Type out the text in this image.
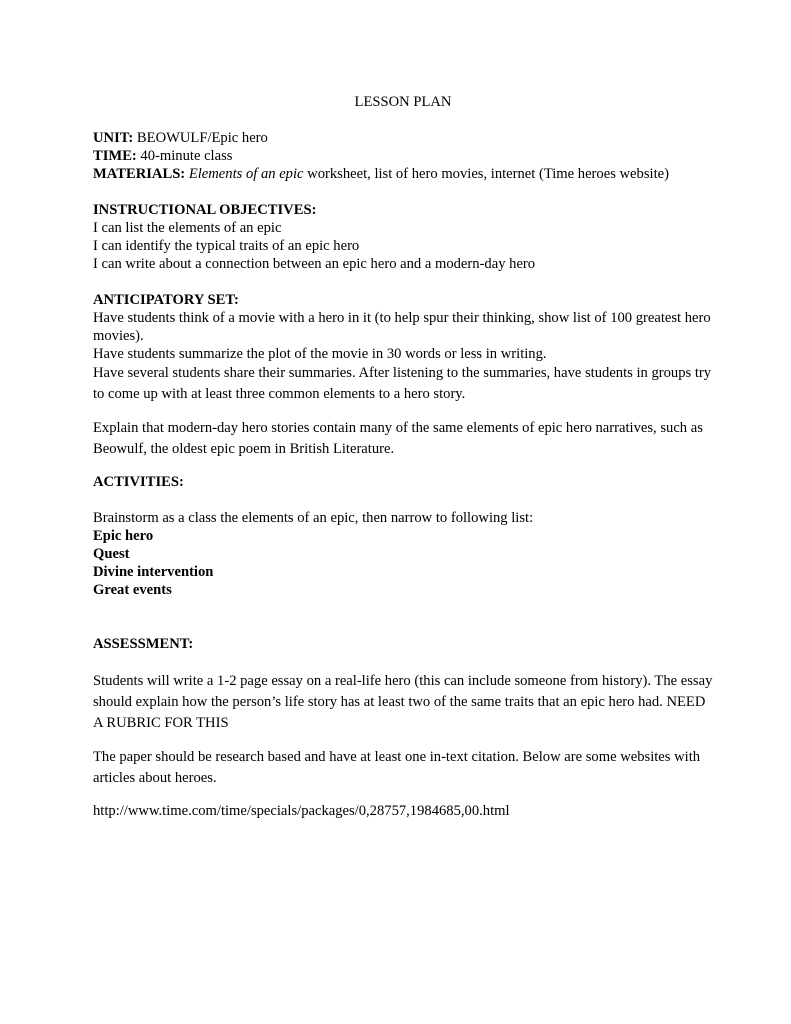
LESSON PLAN

UNIT: BEOWULF/Epic hero

TIME: 40-minute class

MATERIALS: Elements of an epic worksheet, list of hero movies, internet (Time heroes website)

INSTRUCTIONAL OBJECTIVES:

I can list the elements of an epic

I can identify the typical traits of an epic hero

I can write about a connection between an epic hero and a modern-day hero

ANTICIPATORY SET:

Have students think of a movie with a hero in it (to help spur their thinking, show list of 100 greatest hero movies).

Have students summarize the plot of the movie in 30 words or less in writing.

Have several students share their summaries. After listening to the summaries, have students in groups try to come up with at least three common elements to a hero story.

Explain that modern-day hero stories contain many of the same elements of epic hero narratives, such as Beowulf, the oldest epic poem in British Literature.

ACTIVITIES:

Brainstorm as a class the elements of an epic, then narrow to following list:

Epic hero

Quest

Divine intervention

Great events

ASSESSMENT:

Students will write a 1-2 page essay on a real-life hero (this can include someone from history). The essay should explain how the person’s life story has at least two of the same traits that an epic hero had. NEED A RUBRIC FOR THIS

The paper should be research based and have at least one in-text citation. Below are some websites with articles about heroes.

http://www.time.com/time/specials/packages/0,28757,1984685,00.html
